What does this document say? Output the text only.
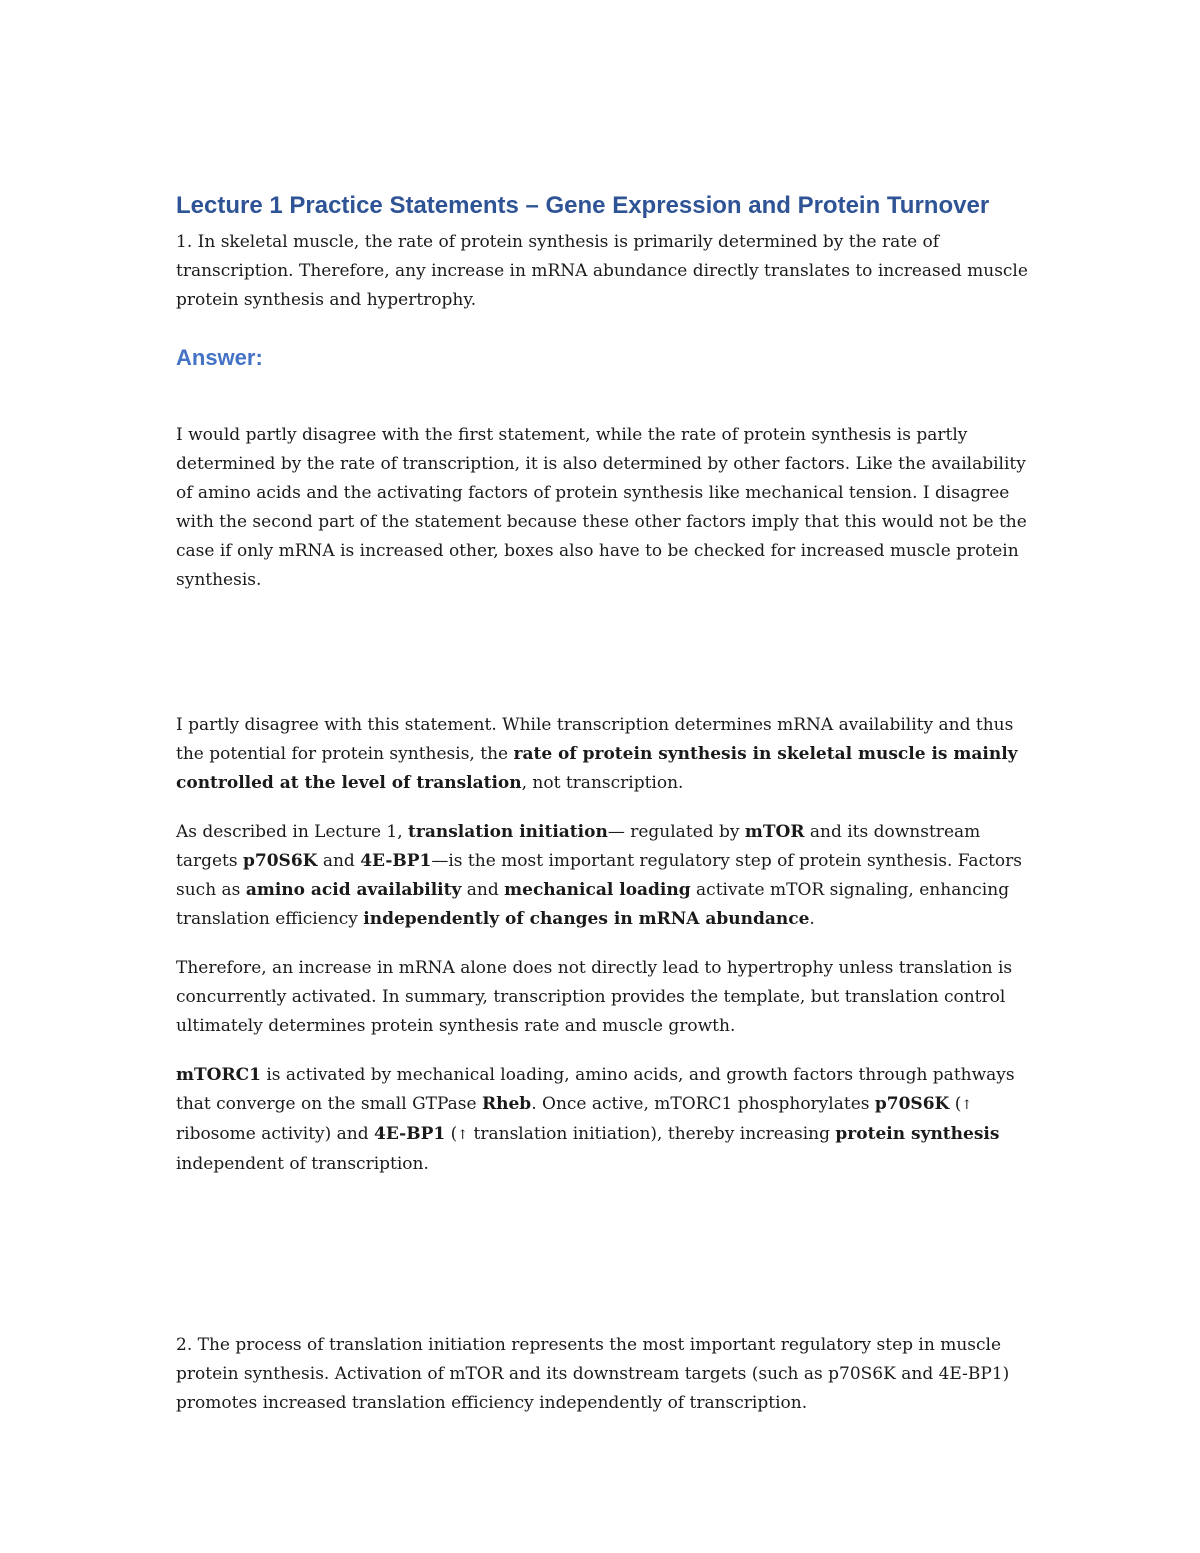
Lecture 1 Practice Statements – Gene Expression and Protein Turnover

1. In skeletal muscle, the rate of protein synthesis is primarily determined by the rate of transcription. Therefore, any increase in mRNA abundance directly translates to increased muscle protein synthesis and hypertrophy.

Answer:

I would partly disagree with the first statement, while the rate of protein synthesis is partly determined by the rate of transcription, it is also determined by other factors. Like the availability of amino acids and the activating factors of protein synthesis like mechanical tension. I disagree with the second part of the statement because these other factors imply that this would not be the case if only mRNA is increased other, boxes also have to be checked for increased muscle protein synthesis.

I partly disagree with this statement. While transcription determines mRNA availability and thus the potential for protein synthesis, the rate of protein synthesis in skeletal muscle is mainly controlled at the level of translation, not transcription.

As described in Lecture 1, translation initiation— regulated by mTOR and its downstream targets p70S6K and 4E-BP1—is the most important regulatory step of protein synthesis. Factors such as amino acid availability and mechanical loading activate mTOR signaling, enhancing translation efficiency independently of changes in mRNA abundance.

Therefore, an increase in mRNA alone does not directly lead to hypertrophy unless translation is concurrently activated. In summary, transcription provides the template, but translation control ultimately determines protein synthesis rate and muscle growth.

mTORC1 is activated by mechanical loading, amino acids, and growth factors through pathways that converge on the small GTPase Rheb. Once active, mTORC1 phosphorylates p70S6K (↑ ribosome activity) and 4E-BP1 (↑ translation initiation), thereby increasing protein synthesis independent of transcription.

2. The process of translation initiation represents the most important regulatory step in muscle protein synthesis. Activation of mTOR and its downstream targets (such as p70S6K and 4E-BP1) promotes increased translation efficiency independently of transcription.
